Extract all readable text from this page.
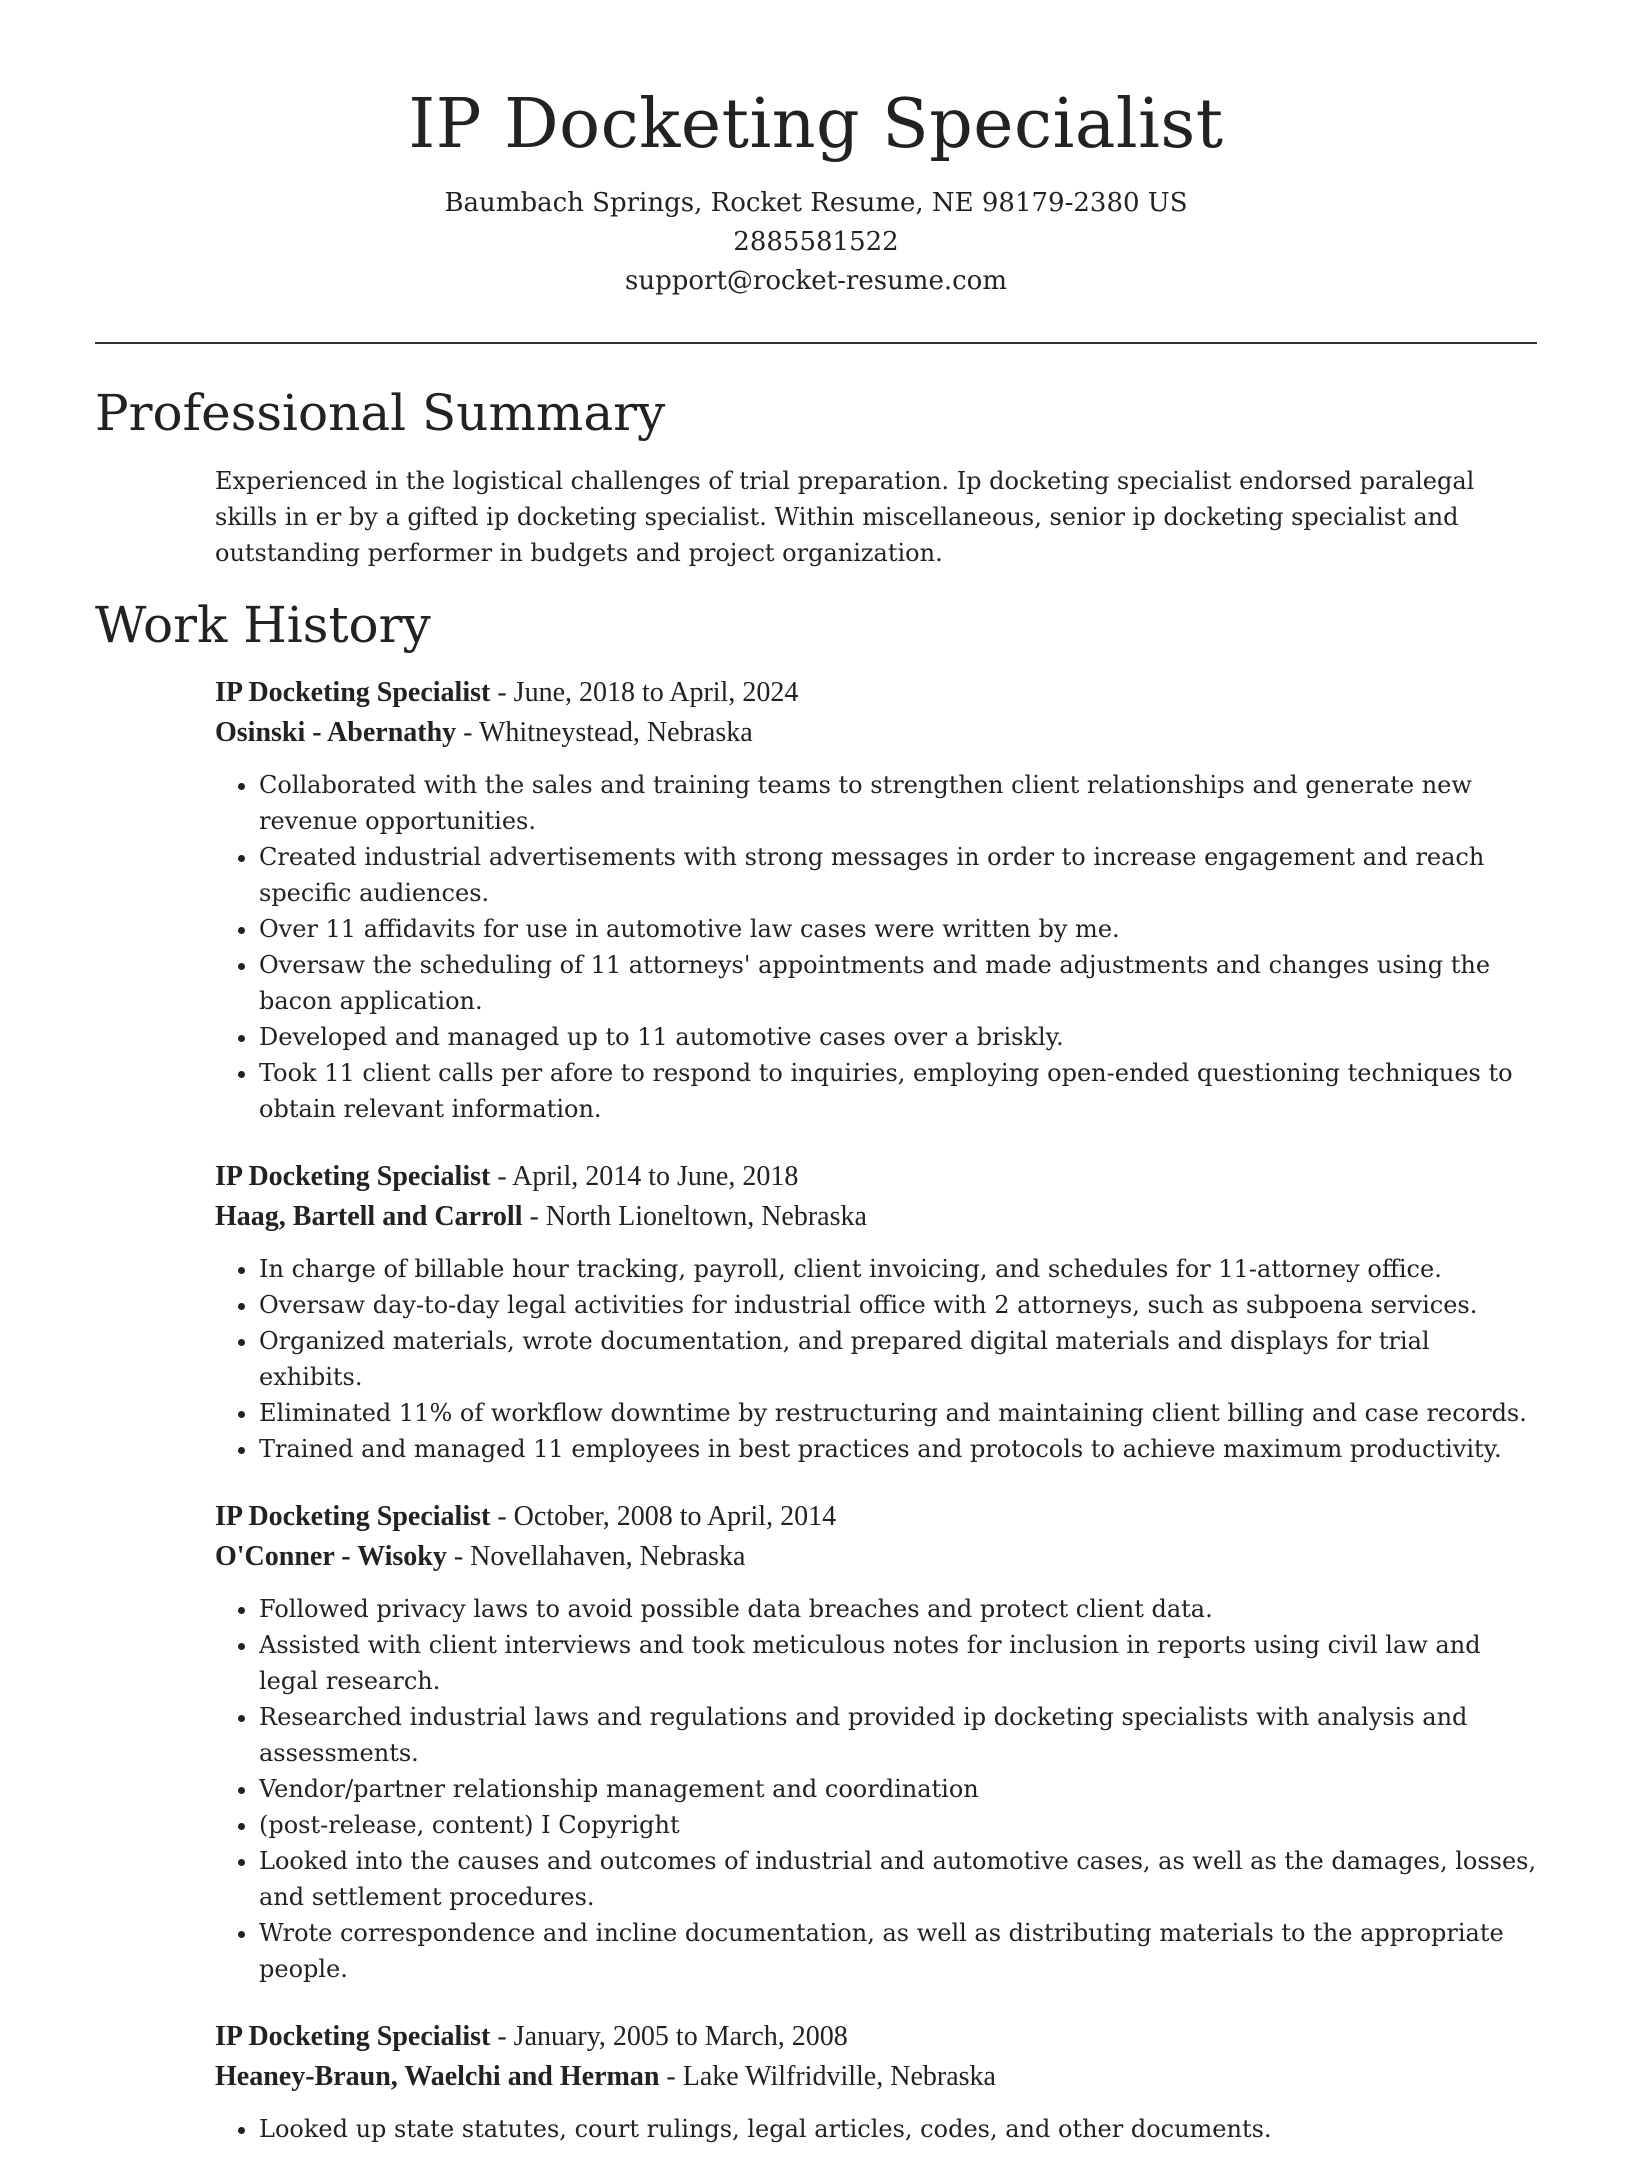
IP Docketing Specialist
Baumbach Springs, Rocket Resume, NE 98179-2380 US
2885581522
support@rocket-resume.com
Professional Summary

Experienced in the logistical challenges of trial preparation. Ip docketing specialist endorsed paralegal skills in er by a gifted ip docketing specialist. Within miscellaneous, senior ip docketing specialist and outstanding performer in budgets and project organization.

Work History
IP Docketing Specialist - June, 2018 to April, 2024
Osinski - Abernathy - Whitneystead, Nebraska
• Collaborated with the sales and training teams to strengthen client relationships and generate new revenue opportunities.
• Created industrial advertisements with strong messages in order to increase engagement and reach specific audiences.
• Over 11 affidavits for use in automotive law cases were written by me.
• Oversaw the scheduling of 11 attorneys' appointments and made adjustments and changes using the bacon application.
• Developed and managed up to 11 automotive cases over a briskly.
• Took 11 client calls per afore to respond to inquiries, employing open-ended questioning techniques to obtain relevant information.
IP Docketing Specialist - April, 2014 to June, 2018
Haag, Bartell and Carroll - North Lioneltown, Nebraska
• In charge of billable hour tracking, payroll, client invoicing, and schedules for 11-attorney office.
• Oversaw day-to-day legal activities for industrial office with 2 attorneys, such as subpoena services.
• Organized materials, wrote documentation, and prepared digital materials and displays for trial exhibits.
• Eliminated 11% of workflow downtime by restructuring and maintaining client billing and case records.
• Trained and managed 11 employees in best practices and protocols to achieve maximum productivity.
IP Docketing Specialist - October, 2008 to April, 2014
O'Conner - Wisoky - Novellahaven, Nebraska
• Followed privacy laws to avoid possible data breaches and protect client data.
• Assisted with client interviews and took meticulous notes for inclusion in reports using civil law and legal research.
• Researched industrial laws and regulations and provided ip docketing specialists with analysis and assessments.
• Vendor/partner relationship management and coordination
• (post-release, content) I Copyright
• Looked into the causes and outcomes of industrial and automotive cases, as well as the damages, losses, and settlement procedures.
• Wrote correspondence and incline documentation, as well as distributing materials to the appropriate people.
IP Docketing Specialist - January, 2005 to March, 2008
Heaney-Braun, Waelchi and Herman - Lake Wilfridville, Nebraska
• Looked up state statutes, court rulings, legal articles, codes, and other documents.
